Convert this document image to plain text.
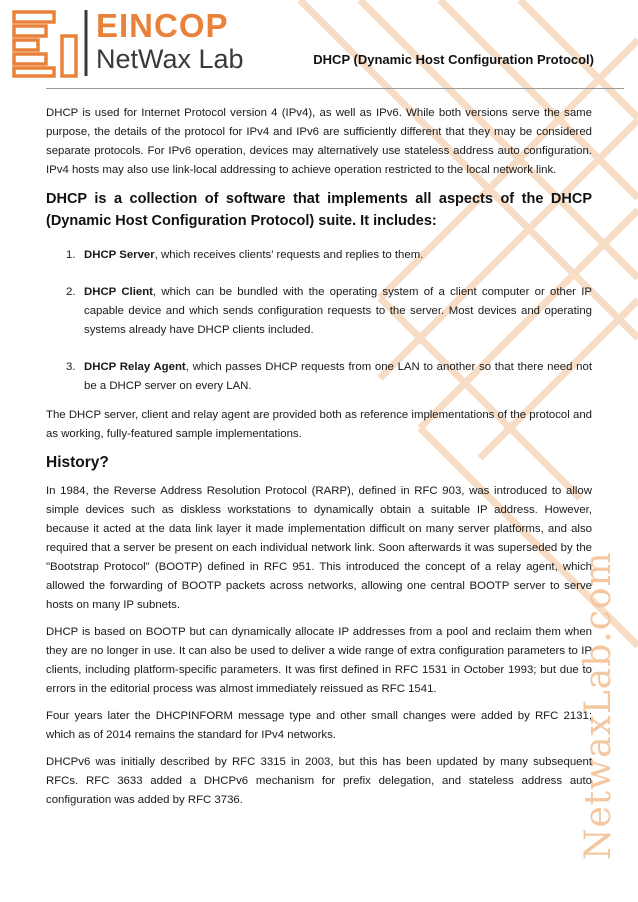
NetwaxLab.com
EINCOP
NetWax Lab	DHCP (Dynamic Host Configuration Protocol)

DHCP is used for Internet Protocol version 4 (IPv4), as well as IPv6. While both versions serve the same purpose, the details of the protocol for IPv4 and IPv6 are sufficiently different that they may be considered separate protocols. For IPv6 operation, devices may alternatively use stateless address auto configuration. IPv4 hosts may also use link-local addressing to achieve operation restricted to the local network link.

DHCP is a collection of software that implements all aspects of the DHCP (Dynamic Host Configuration Protocol) suite. It includes:
1. DHCP Server, which receives clients’ requests and replies to them.
2. DHCP Client, which can be bundled with the operating system of a client computer or other IP capable device and which sends configuration requests to the server. Most devices and operating systems already have DHCP clients included.
3. DHCP Relay Agent, which passes DHCP requests from one LAN to another so that there need not be a DHCP server on every LAN.

The DHCP server, client and relay agent are provided both as reference implementations of the protocol and as working, fully-featured sample implementations.

History?

In 1984, the Reverse Address Resolution Protocol (RARP), defined in RFC 903, was introduced to allow simple devices such as diskless workstations to dynamically obtain a suitable IP address. However, because it acted at the data link layer it made implementation difficult on many server platforms, and also required that a server be present on each individual network link. Soon afterwards it was superseded by the "Bootstrap Protocol" (BOOTP) defined in RFC 951. This introduced the concept of a relay agent, which allowed the forwarding of BOOTP packets across networks, allowing one central BOOTP server to serve hosts on many IP subnets.

DHCP is based on BOOTP but can dynamically allocate IP addresses from a pool and reclaim them when they are no longer in use. It can also be used to deliver a wide range of extra configuration parameters to IP clients, including platform-specific parameters. It was first defined in RFC 1531 in October 1993; but due to errors in the editorial process was almost immediately reissued as RFC 1541.

Four years later the DHCPINFORM message type and other small changes were added by RFC 2131; which as of 2014 remains the standard for IPv4 networks.

DHCPv6 was initially described by RFC 3315 in 2003, but this has been updated by many subsequent RFCs. RFC 3633 added a DHCPv6 mechanism for prefix delegation, and stateless address auto configuration was added by RFC 3736.
